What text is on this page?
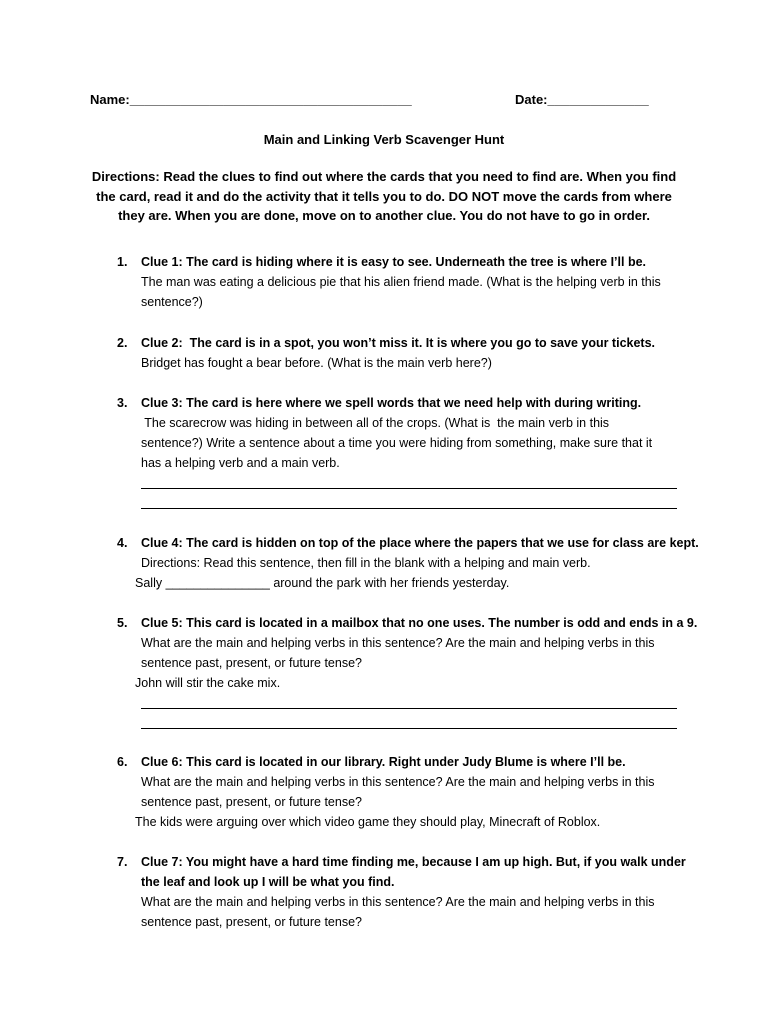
Name:_______________________________________	Date:______________
Main and Linking Verb Scavenger Hunt
Directions: Read the clues to find out where the cards that you need to find are. When you find the card, read it and do the activity that it tells you to do. DO NOT move the cards from where they are. When you are done, move on to another clue. You do not have to go in order.
1. Clue 1: The card is hiding where it is easy to see. Underneath the tree is where I’ll be.
The man was eating a delicious pie that his alien friend made. (What is the helping verb in this
sentence?)
2. Clue 2:  The card is in a spot, you won’t miss it. It is where you go to save your tickets.
Bridget has fought a bear before. (What is the main verb here?)
3. Clue 3: The card is here where we spell words that we need help with during writing.
The scarecrow was hiding in between all of the crops. (What is  the main verb in this
sentence?) Write a sentence about a time you were hiding from something, make sure that it
has a helping verb and a main verb.
4. Clue 4: The card is hidden on top of the place where the papers that we use for class are kept.
Directions: Read this sentence, then fill in the blank with a helping and main verb.
Sally _______________ around the park with her friends yesterday.
5. Clue 5: This card is located in a mailbox that no one uses. The number is odd and ends in a 9.
What are the main and helping verbs in this sentence? Are the main and helping verbs in this
sentence past, present, or future tense?
John will stir the cake mix.
6. Clue 6: This card is located in our library. Right under Judy Blume is where I’ll be.
What are the main and helping verbs in this sentence? Are the main and helping verbs in this
sentence past, present, or future tense?
The kids were arguing over which video game they should play, Minecraft of Roblox.
7. Clue 7: You might have a hard time finding me, because I am up high. But, if you walk under
the leaf and look up I will be what you find.
What are the main and helping verbs in this sentence? Are the main and helping verbs in this
sentence past, present, or future tense?
